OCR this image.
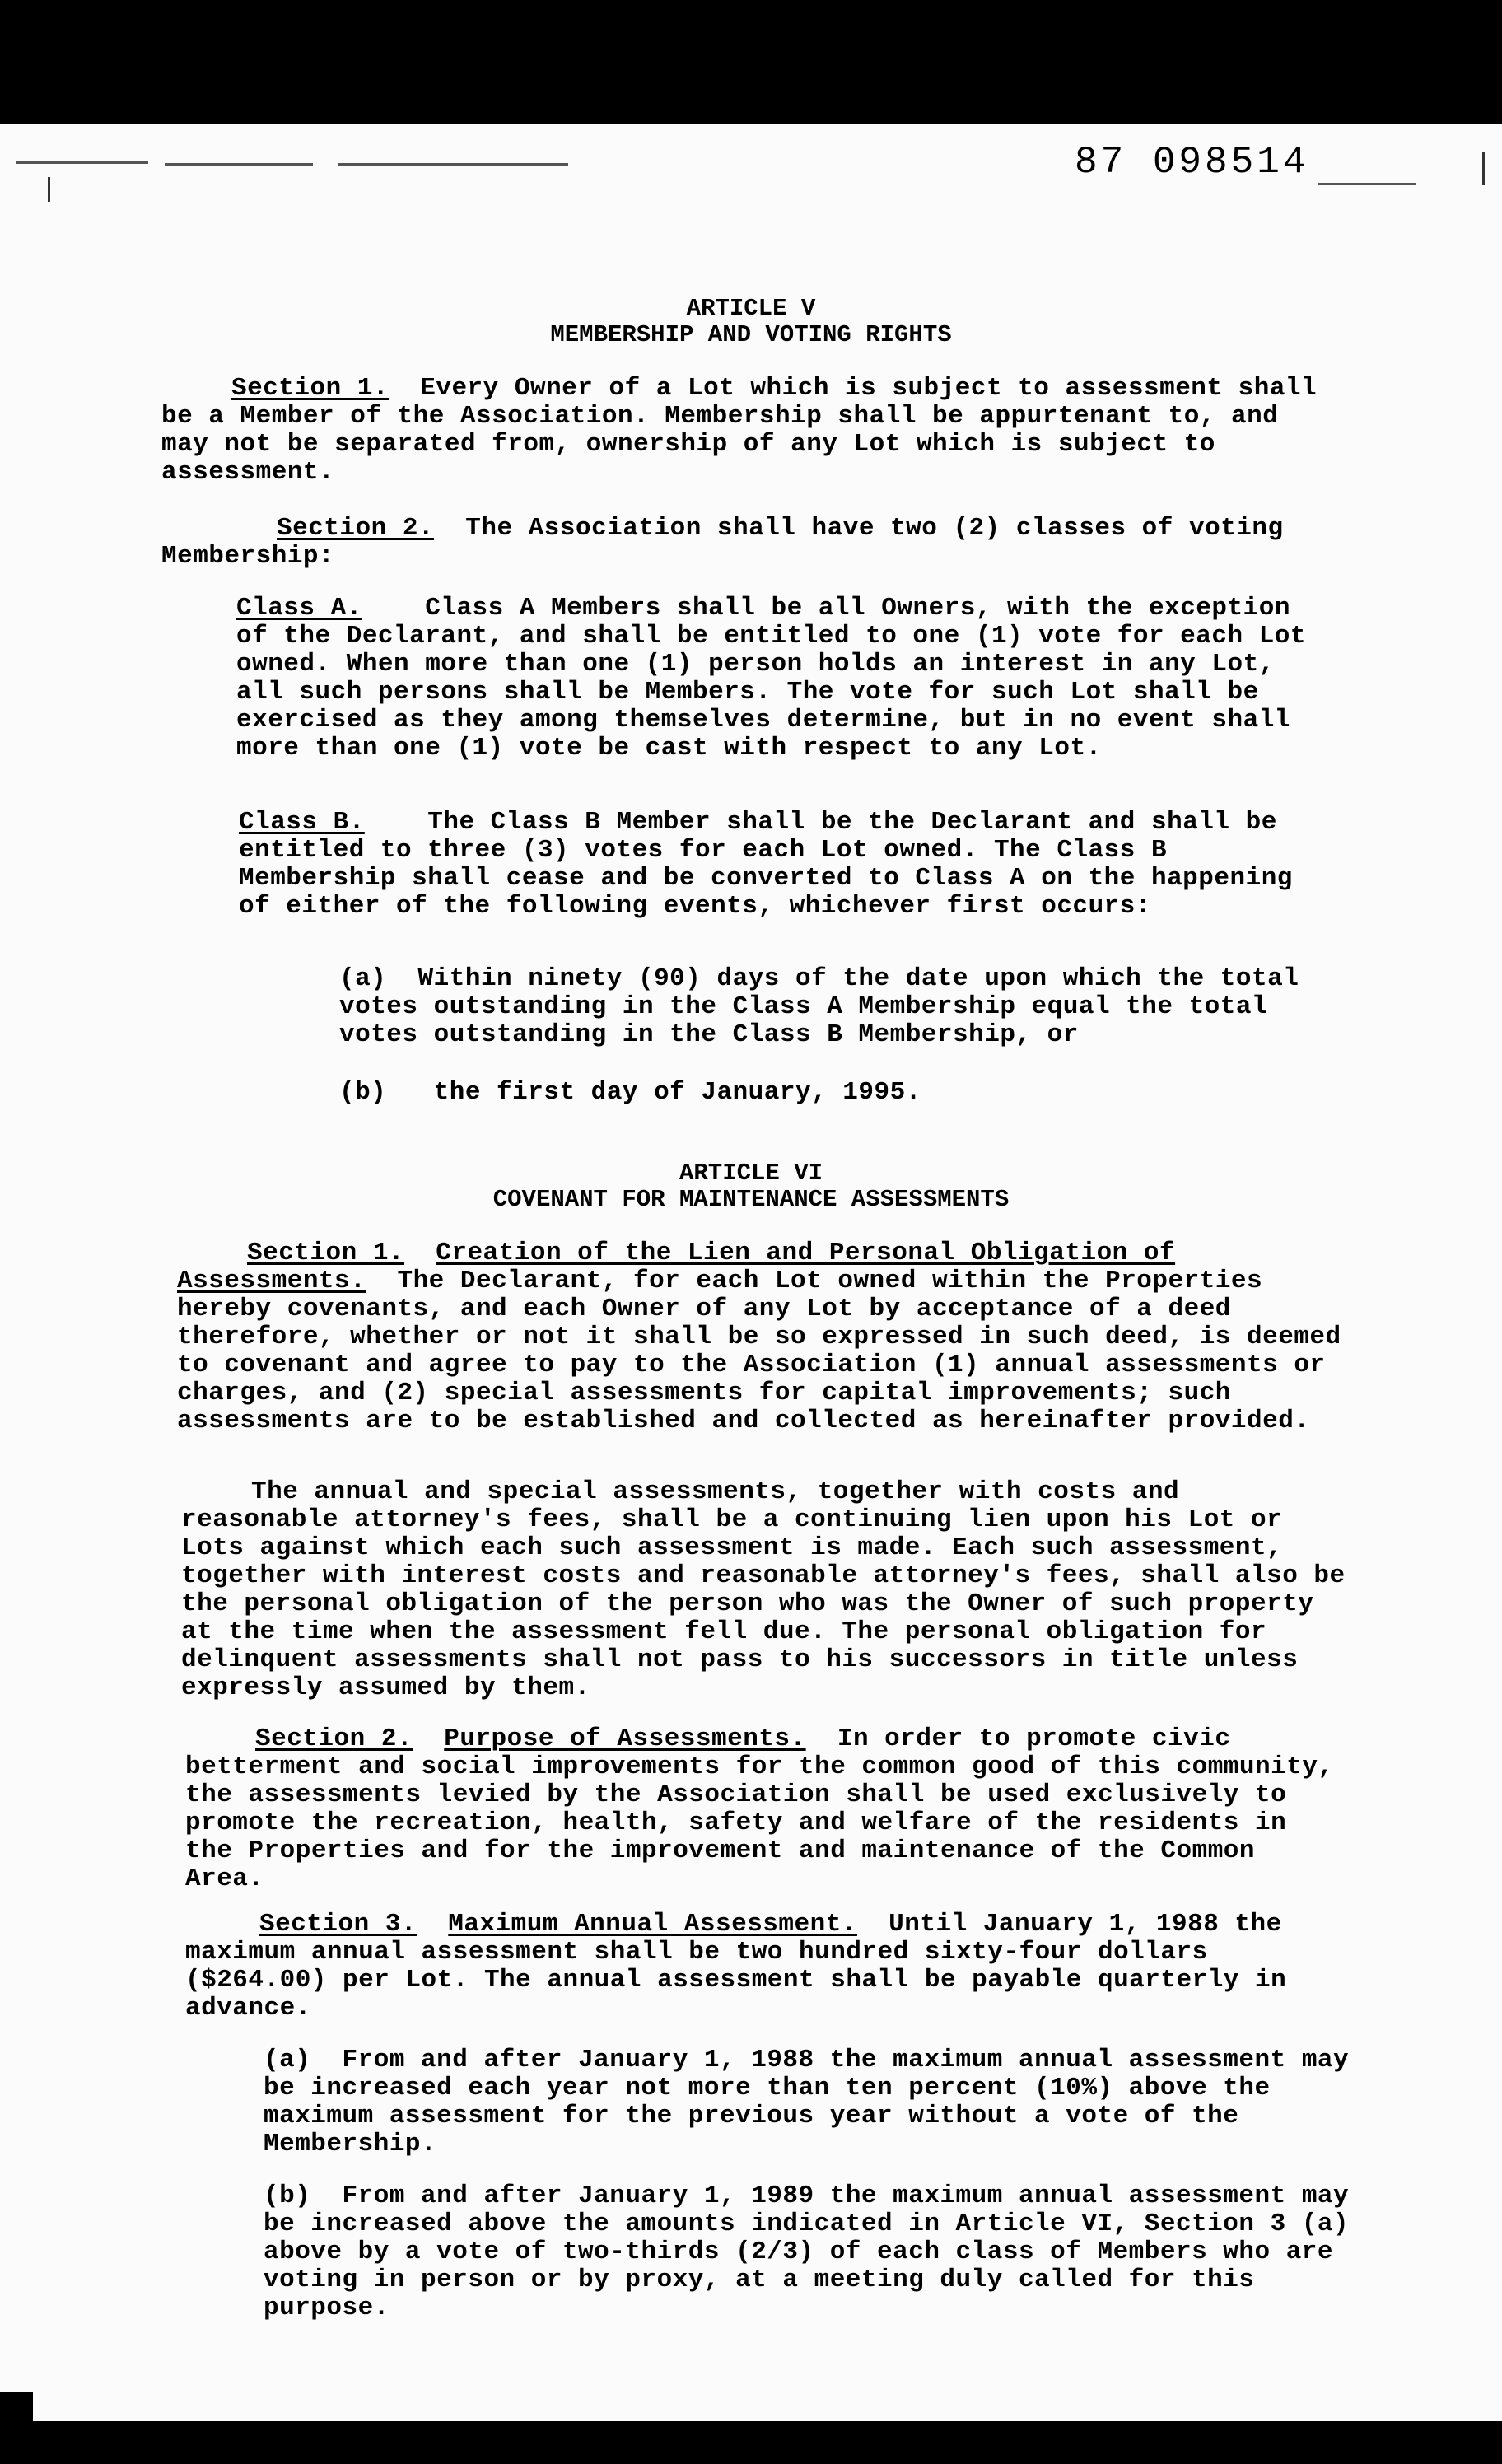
87 098514
ARTICLE V
MEMBERSHIP AND VOTING RIGHTS

Section 1. Every Owner of a Lot which is subject to assessment shall be a Member of the Association. Membership shall be appurtenant to, and may not be separated from, ownership of any Lot which is subject to assessment.

Section 2. The Association shall have two (2) classes of voting Membership:

Class A. Class A Members shall be all Owners, with the exception of the Declarant, and shall be entitled to one (1) vote for each Lot owned. When more than one (1) person holds an interest in any Lot, all such persons shall be Members. The vote for such Lot shall be exercised as they among themselves determine, but in no event shall more than one (1) vote be cast with respect to any Lot.

Class B. The Class B Member shall be the Declarant and shall be entitled to three (3) votes for each Lot owned. The Class B Membership shall cease and be converted to Class A on the happening of either of the following events, whichever first occurs:

(a) Within ninety (90) days of the date upon which the total votes outstanding in the Class A Membership equal the total votes outstanding in the Class B Membership, or

(b) the first day of January, 1995.

ARTICLE VI
COVENANT FOR MAINTENANCE ASSESSMENTS

Section 1. Creation of the Lien and Personal Obligation of Assessments. The Declarant, for each Lot owned within the Properties hereby covenants, and each Owner of any Lot by acceptance of a deed therefore, whether or not it shall be so expressed in such deed, is deemed to covenant and agree to pay to the Association (1) annual assessments or charges, and (2) special assessments for capital improvements; such assessments are to be established and collected as hereinafter provided.

The annual and special assessments, together with costs and reasonable attorney's fees, shall be a continuing lien upon his Lot or Lots against which each such assessment is made. Each such assessment, together with interest costs and reasonable attorney's fees, shall also be the personal obligation of the person who was the Owner of such property at the time when the assessment fell due. The personal obligation for delinquent assessments shall not pass to his successors in title unless expressly assumed by them.

Section 2. Purpose of Assessments. In order to promote civic betterment and social improvements for the common good of this community, the assessments levied by the Association shall be used exclusively to promote the recreation, health, safety and welfare of the residents in the Properties and for the improvement and maintenance of the Common Area.

Section 3. Maximum Annual Assessment. Until January 1, 1988 the maximum annual assessment shall be two hundred sixty-four dollars ($264.00) per Lot. The annual assessment shall be payable quarterly in advance.

(a) From and after January 1, 1988 the maximum annual assessment may be increased each year not more than ten percent (10%) above the maximum assessment for the previous year without a vote of the Membership.

(b) From and after January 1, 1989 the maximum annual assessment may be increased above the amounts indicated in Article VI, Section 3 (a) above by a vote of two-thirds (2/3) of each class of Members who are voting in person or by proxy, at a meeting duly called for this purpose.
